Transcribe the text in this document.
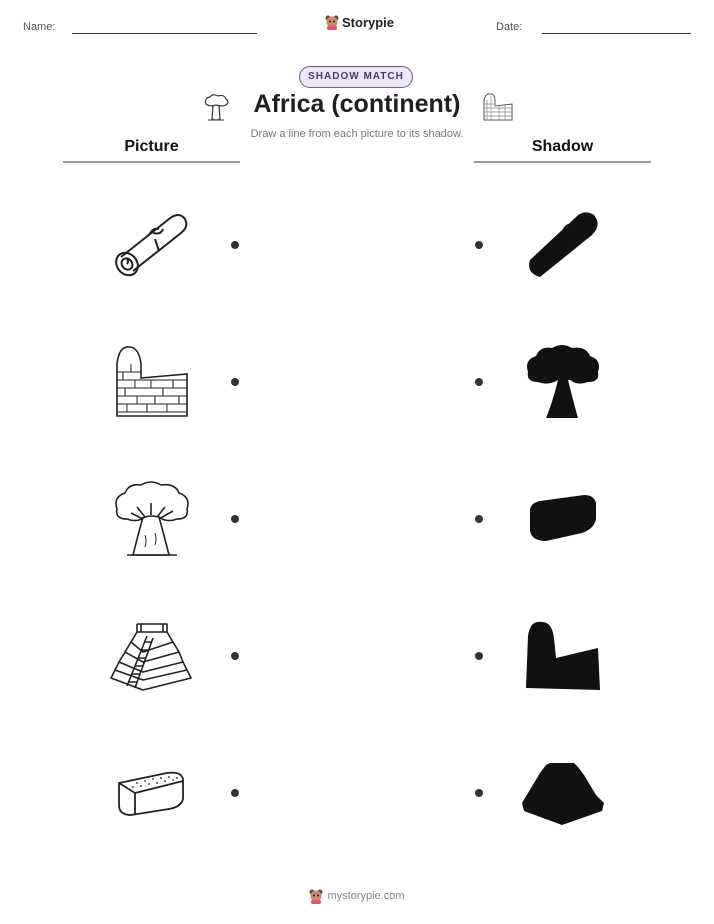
Name:	Storypie	Date:
SHADOW MATCH
Africa (continent)
Draw a line from each picture to its shadow.
Picture	Shadow
mystorypie.com
